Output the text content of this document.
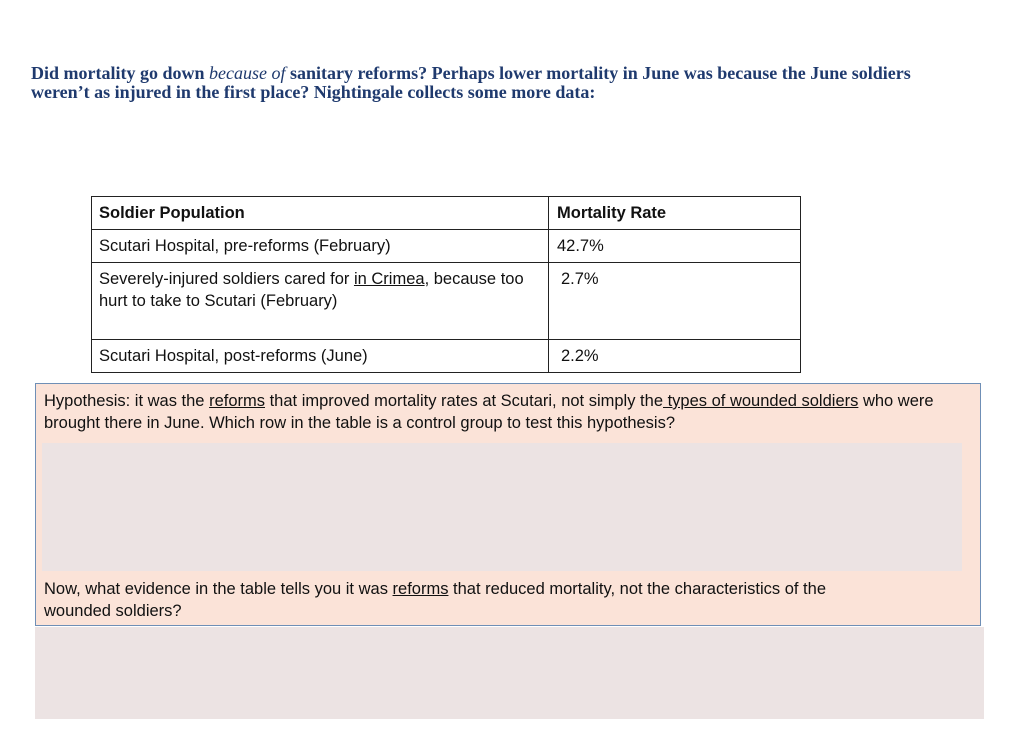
Did mortality go down because of sanitary reforms? Perhaps lower mortality in June was because the June soldiers weren’t as injured in the first place? Nightingale collects some more data:
Soldier Population	Mortality Rate
Scutari Hospital, pre-reforms (February)	42.7%
Severely-injured soldiers cared for in Crimea, because too hurt to take to Scutari (February)	2.7%
Scutari Hospital, post-reforms (June)	2.2%
Hypothesis: it was the reforms that improved mortality rates at Scutari, not simply the types of wounded soldiers who were brought there in June. Which row in the table is a control group to test this hypothesis?
Now, what evidence in the table tells you it was reforms that reduced mortality, not the characteristics of the wounded soldiers?
